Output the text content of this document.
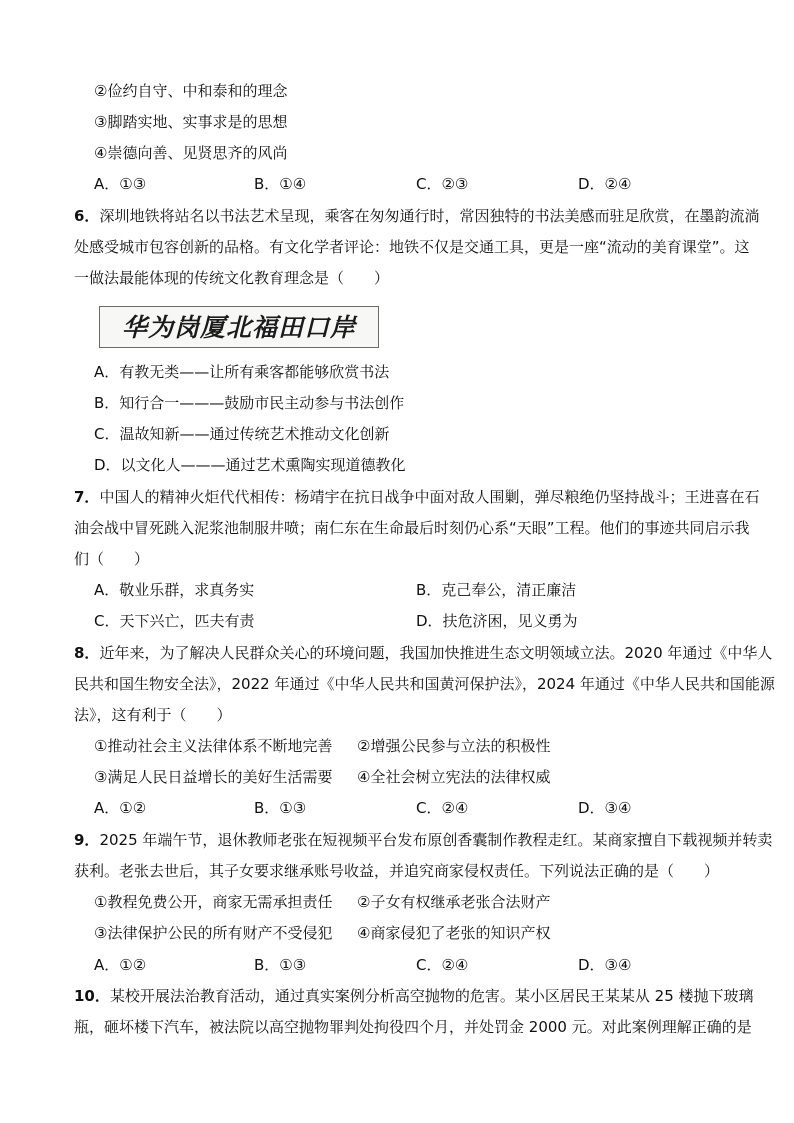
②俭约自守、中和泰和的理念
③脚踏实地、实事求是的思想
④崇德向善、见贤思齐的风尚
A．①③	B．①④	C．②③	D．②④
6．深圳地铁将站名以书法艺术呈现，乘客在匆匆通行时，常因独特的书法美感而驻足欣赏，在墨韵流淌
处感受城市包容创新的品格。有文化学者评论：地铁不仅是交通工具，更是一座“流动的美育课堂”。这
一做法最能体现的传统文化教育理念是（　　）
华为岗厦北福田口岸
A．有教无类——让所有乘客都能够欣赏书法
B．知行合一———鼓励市民主动参与书法创作
C．温故知新——通过传统艺术推动文化创新
D．以文化人———通过艺术熏陶实现道德教化
7．中国人的精神火炬代代相传：杨靖宇在抗日战争中面对敌人围剿，弹尽粮绝仍坚持战斗；王进喜在石
油会战中冒死跳入泥浆池制服井喷；南仁东在生命最后时刻仍心系“天眼”工程。他们的事迹共同启示我
们（　　）
A．敬业乐群，求真务实	B．克己奉公，清正廉洁
C．天下兴亡，匹夫有责	D．扶危济困，见义勇为
8．近年来，为了解决人民群众关心的环境问题，我国加快推进生态文明领域立法。2020 年通过《中华人
民共和国生物安全法》，2022 年通过《中华人民共和国黄河保护法》，2024 年通过《中华人民共和国能源
法》，这有利于（　　）
①推动社会主义法律体系不断地完善 ②增强公民参与立法的积极性
③满足人民日益增长的美好生活需要 ④全社会树立宪法的法律权威
A．①②	B．①③	C．②④	D．③④
9．2025 年端午节，退休教师老张在短视频平台发布原创香囊制作教程走红。某商家擅自下载视频并转卖
获利。老张去世后，其子女要求继承账号收益，并追究商家侵权责任。下列说法正确的是（　　）
①教程免费公开，商家无需承担责任 ②子女有权继承老张合法财产
③法律保护公民的所有财产不受侵犯 ④商家侵犯了老张的知识产权
A．①②	B．①③	C．②④	D．③④
10．某校开展法治教育活动，通过真实案例分析高空抛物的危害。某小区居民王某某从 25 楼抛下玻璃
瓶，砸坏楼下汽车，被法院以高空抛物罪判处拘役四个月，并处罚金 2000 元。对此案例理解正确的是
